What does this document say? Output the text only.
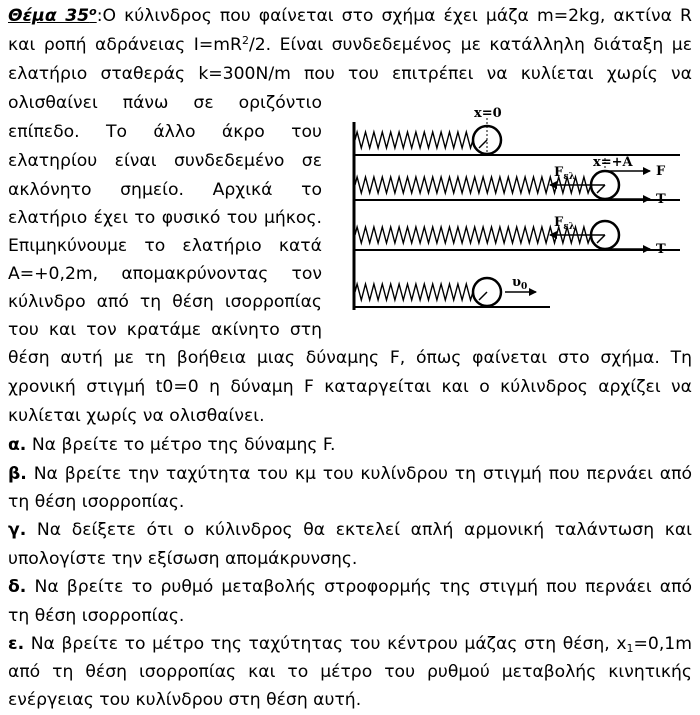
Θέμα $35^o:O$ κύλινδρος που φαίνεται στο σχήμα έχει μάζα m=2kg, ακτίνα R
και ροπή αδράνειας $I=mR^2/2$. Είναι συνδεδεμένος με κατάλληλη διάταξη με
ελατήριο σταθεράς k=300N/m που του επιτρέπει να κυλίεται χωρίς να
ολισθαίνει πάνω σε οριζόντιο
επίπεδο. Το άλλο άκρο του
ελατηρίου είναι συνδεδεμένο σε
ακλόνητο σημείο. Αρχικά το
ελατήριο έχει το φυσικό του μήκος.
Επιμηκύνουμε το ελατήριο κατά
Α=+0,2m, απομακρύνοντας τον
κύλινδρο από τη θέση ισορροπίας
του και τον κρατάμε ακίνητο στη
θέση αυτή με τη βοήθεια μιας δύναμης F, όπως φαίνεται στο σχήμα. Τη
χρονική στιγμή t0=0 η δύναμη F καταργείται και ο κύλινδρος αρχίζει να
κυλίεται χωρίς να ολισθαίνει.
α. Να βρείτε το μέτρο της δύναμης F.
β. Να βρείτε την ταχύτητα του κμ του κυλίνδρου τη στιγμή που περνάει από
τη θέση ισορροπίας.
γ. Να δείξετε ότι ο κύλινδρος θα εκτελεί απλή αρμονική ταλάντωση και
υπολογίστε την εξίσωση απομάκρυνσης.
δ. Να βρείτε το ρυθμό μεταβολής στροφορμής της στιγμή που περνάει από
τη θέση ισορροπίας.
ε. Να βρείτε το μέτρο της ταχύτητας του κέντρου μάζας στη θέση, $x_1=0,1m$
από τη θέση ισορροπίας και το μέτρο του ρυθμού μεταβολής κινητικής
ενέργειας του κυλίνδρου στη θέση αυτή.
x=0
x=+A
F
$F_{\varepsilon\lambda}$
T
$F_{\varepsilon\lambda}$
T
$\upsilon_0$
